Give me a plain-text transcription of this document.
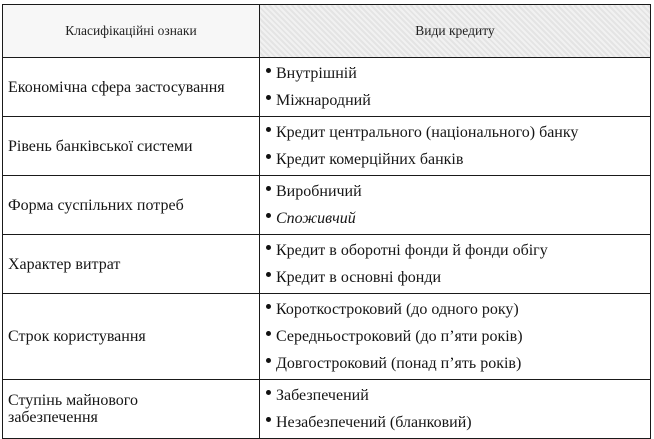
Класифікаційні ознаки	Види кредиту
Економічна сфера застосування	Внутрішній
Міжнародний

Рівень банківської системи	Кредит центрального (національного) банку
Кредит комерційних банків

Форма суспільних потреб	Виробничий
Споживчий

Характер витрат	Кредит в оборотні фонди й фонди обігу
Кредит в основні фонди

Строк користування	Короткостроковий (до одного року)
Середньостроковий (до п’яти років)
Довгостроковий (понад п’ять років)

Ступінь майнового забезпечення	Забезпечений
Незабезпечений (бланковий)
